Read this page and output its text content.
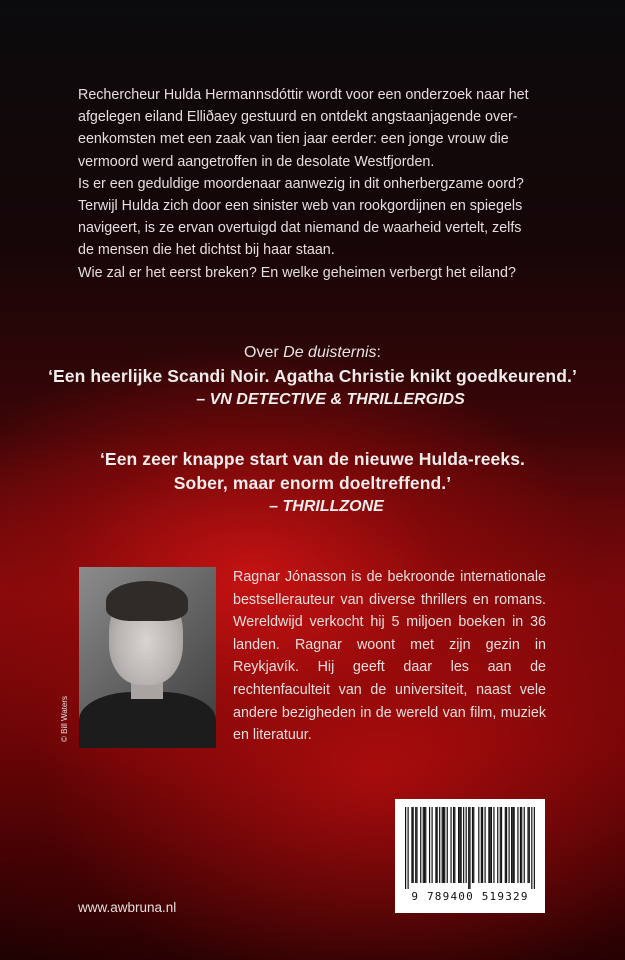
Rechercheur Hulda Hermannsdóttir wordt voor een onderzoek naar het

afgelegen eiland Elliðaey gestuurd en ontdekt angstaanjagende over-

eenkomsten met een zaak van tien jaar eerder: een jonge vrouw die

vermoord werd aangetroffen in de desolate Westfjorden.

Is er een geduldige moordenaar aanwezig in dit onherbergzame oord?

Terwijl Hulda zich door een sinister web van rookgordijnen en spiegels

navigeert, is ze ervan overtuigd dat niemand de waarheid vertelt, zelfs

de mensen die het dichtst bij haar staan.

Wie zal er het eerst breken? En welke geheimen verbergt het eiland?

Over De duisternis:
‘Een heerlijke Scandi Noir. Agatha Christie knikt goedkeurend.’
– VN DETECTIVE & THRILLERGIDS
‘Een zeer knappe start van de nieuwe Hulda-reeks.
Sober, maar enorm doeltreffend.’
– THRILLZONE
© Bill Waters
Ragnar Jónasson is de bekroonde internationale bestsellerauteur van diverse thrillers en romans. Wereldwijd verkocht hij 5 miljoen boeken in 36 landen. Ragnar woont met zijn gezin in Reykjavík. Hij geeft daar les aan de rechtenfaculteit van de universiteit, naast vele andere bezigheden in de wereld van film, muziek en literatuur.
9 789400 519329
www.awbruna.nl
